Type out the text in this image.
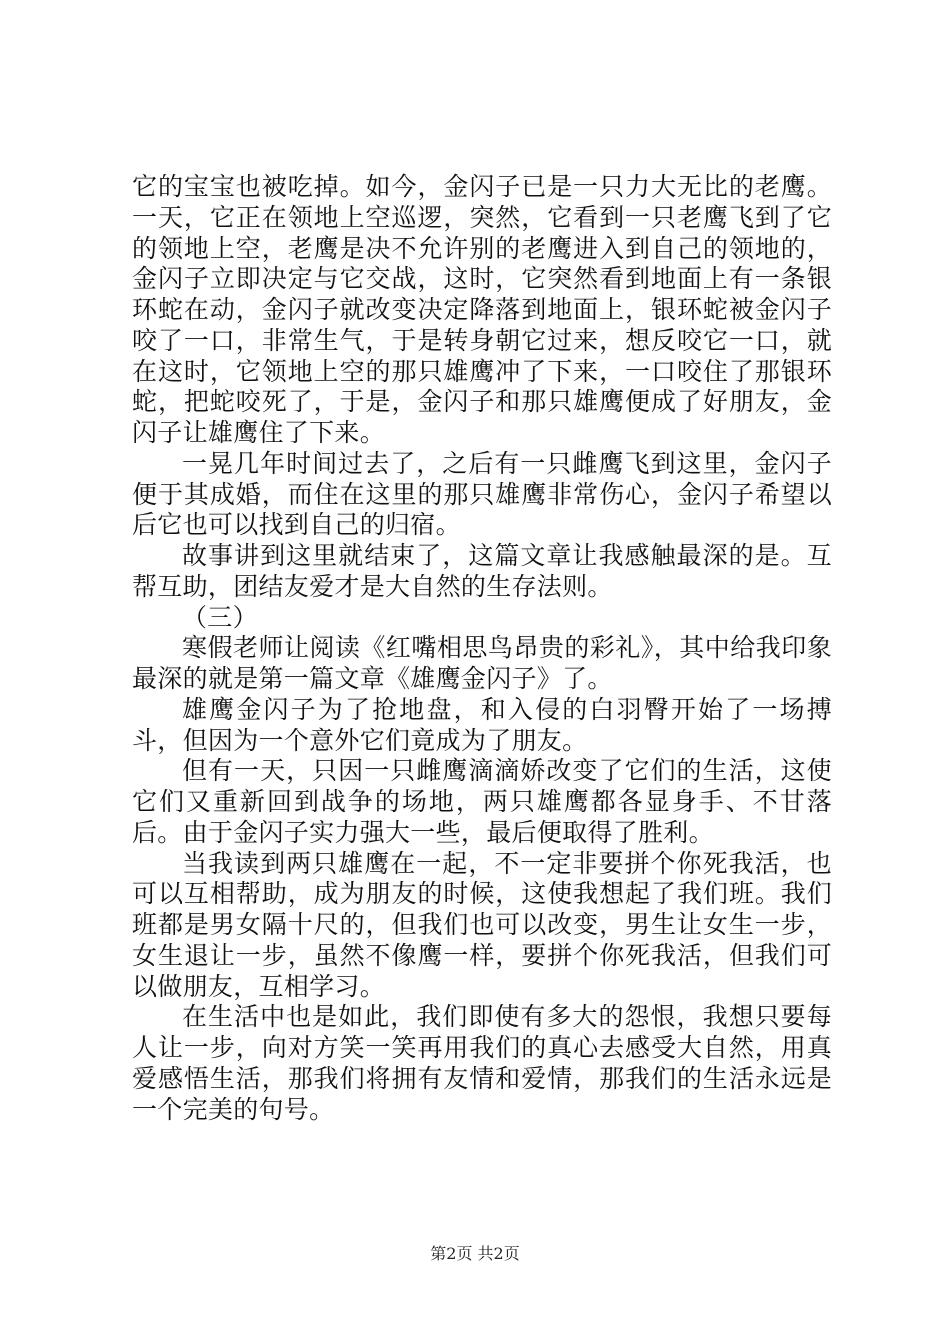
它的宝宝也被吃掉。如今，金闪子已是一只力大无比的老鹰。一天，它正在领地上空巡逻，突然，它看到一只老鹰飞到了它的领地上空，老鹰是决不允许别的老鹰进入到自己的领地的，金闪子立即决定与它交战，这时，它突然看到地面上有一条银环蛇在动，金闪子就改变决定降落到地面上，银环蛇被金闪子咬了一口，非常生气，于是转身朝它过来，想反咬它一口，就在这时，它领地上空的那只雄鹰冲了下来，一口咬住了那银环蛇，把蛇咬死了，于是，金闪子和那只雄鹰便成了好朋友，金闪子让雄鹰住了下来。

一晃几年时间过去了，之后有一只雌鹰飞到这里，金闪子便于其成婚，而住在这里的那只雄鹰非常伤心，金闪子希望以后它也可以找到自己的归宿。

故事讲到这里就结束了，这篇文章让我感触最深的是。互帮互助，团结友爱才是大自然的生存法则。

（三）

寒假老师让阅读《红嘴相思鸟昂贵的彩礼》，其中给我印象最深的就是第一篇文章《雄鹰金闪子》了。

雄鹰金闪子为了抢地盘，和入侵的白羽臀开始了一场搏斗，但因为一个意外它们竟成为了朋友。

但有一天，只因一只雌鹰滴滴娇改变了它们的生活，这使它们又重新回到战争的场地，两只雄鹰都各显身手、不甘落后。由于金闪子实力强大一些，最后便取得了胜利。

当我读到两只雄鹰在一起，不一定非要拼个你死我活，也可以互相帮助，成为朋友的时候，这使我想起了我们班。我们班都是男女隔十尺的，但我们也可以改变，男生让女生一步，女生退让一步，虽然不像鹰一样，要拼个你死我活，但我们可以做朋友，互相学习。

在生活中也是如此，我们即使有多大的怨恨，我想只要每人让一步，向对方笑一笑再用我们的真心去感受大自然，用真爱感悟生活，那我们将拥有友情和爱情，那我们的生活永远是一个完美的句号。

第2页 共2页
